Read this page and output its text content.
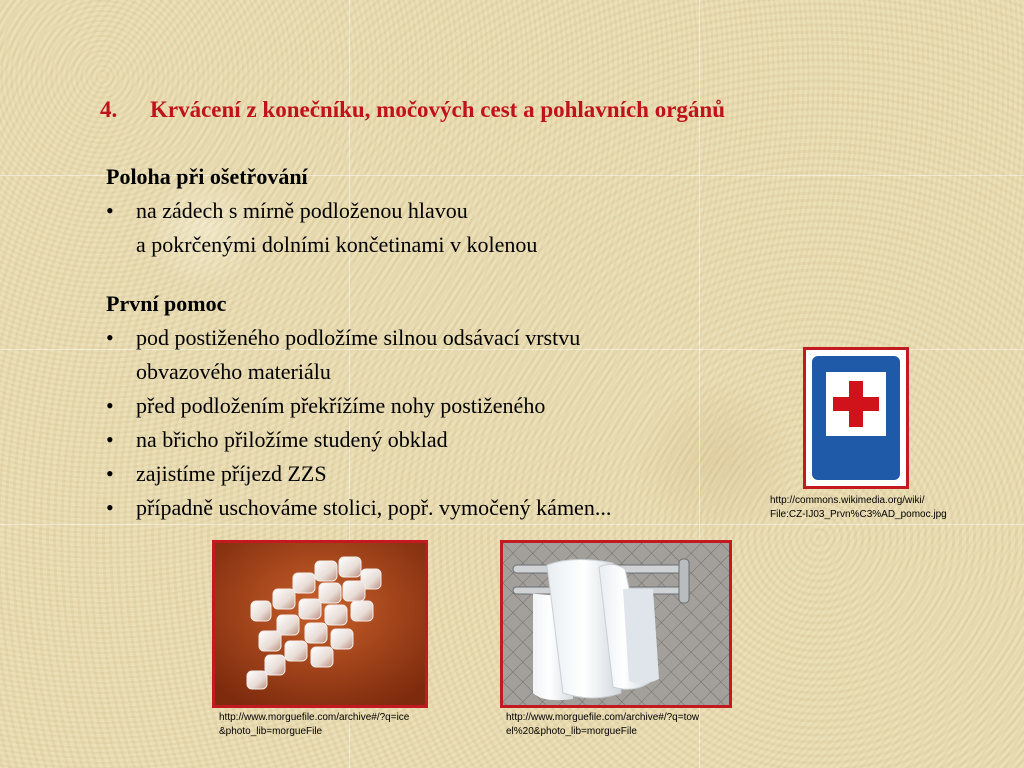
4. Krvácení z konečníku, močových cest a pohlavních orgánů
Poloha při ošetřování
• na zádech s mírně podloženou hlavou
a pokrčenými dolními končetinami v kolenou
První pomoc
• pod postiženého podložíme silnou odsávací vrstvu
obvazového materiálu
• před podložením překřížíme nohy postiženého
• na břicho přiložíme studený obklad
• zajistíme příjezd ZZS
• případně uschováme stolici, popř. vymočený kámen...	http://commons.wikimedia.org/wiki/
File:CZ-IJ03_Prvn%C3%AD_pomoc.jpg
http://www.morguefile.com/archive#/?q=ice
&photo_lib=morgueFile
http://www.morguefile.com/archive#/?q=tow
el%20&photo_lib=morgueFile
